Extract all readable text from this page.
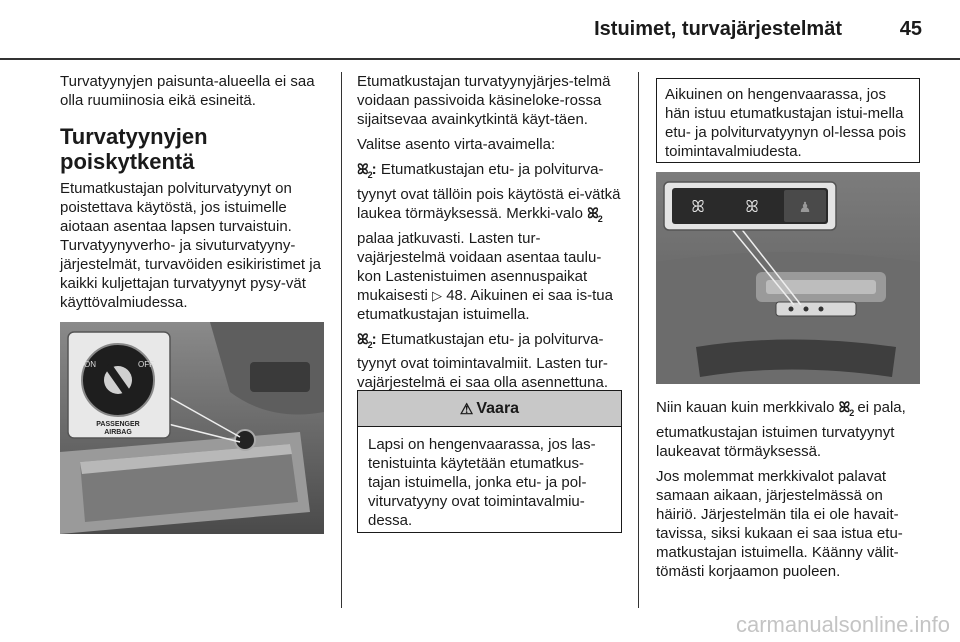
Istuimet, turvajärjestelmät	45

Turvatyynyjen paisunta-alueella ei saa olla ruumiinosia eikä esineitä.

Turvatyynyjen poiskytkentä

Etumatkustajan polviturvatyynyt on poistettava käytöstä, jos istuimelle aiotaan asentaa lapsen turvaistuin. Turvatyynyverho- ja sivuturvatyyny-järjestelmät, turvavöiden esikiristimet ja kaikki kuljettajan turvatyynyt pysy-vät käyttövalmiudessa.

ON	OFF
PASSENGER
AIRBAG

Etumatkustajan turvatyynyjärjes-telmä voidaan passivoida käsineloke-rossa sijaitsevaa avainkytkintä käyt-täen.

Valitse asento virta-avaimella:

ꕤ$_2$: Etumatkustajan etu- ja polviturva-tyynyt ovat tällöin pois käytöstä ei-vätkä laukea törmäyksessä. Merkki-valo ꕤ$_2$ palaa jatkuvasti. Lasten tur-vajärjestelmä voidaan asentaa taulu-kon Lastenistuimen asennuspaikat mukaisesti ▷ 48. Aikuinen ei saa is-tua etumatkustajan istuimella.

ꕤ$_2$: Etumatkustajan etu- ja polviturva-tyynyt ovat toimintavalmiit. Lasten tur-vajärjestelmä ei saa olla asennettuna.

⚠ Vaara
Lapsi on hengenvaarassa, jos las-tenistuinta käytetään etumatkus-tajan istuimella, jonka etu- ja pol-viturvatyyny ovat toimintavalmiu-dessa.
Aikuinen on hengenvaarassa, jos hän istuu etumatkustajan istui-mella etu- ja polviturvatyynyn ol-lessa pois toimintavalmiudesta.
ꕤ	ꕤ	♟

Niin kauan kuin merkkivalo ꕤ$_2$ ei pala, etumatkustajan istuimen turvatyynyt laukeavat törmäyksessä.

Jos molemmat merkkivalot palavat samaan aikaan, järjestelmässä on häiriö. Järjestelmän tila ei ole havait-tavissa, siksi kukaan ei saa istua etu-matkustajan istuimella. Käänny välit-tömästi korjaamon puoleen.

carmanualsonline.info
